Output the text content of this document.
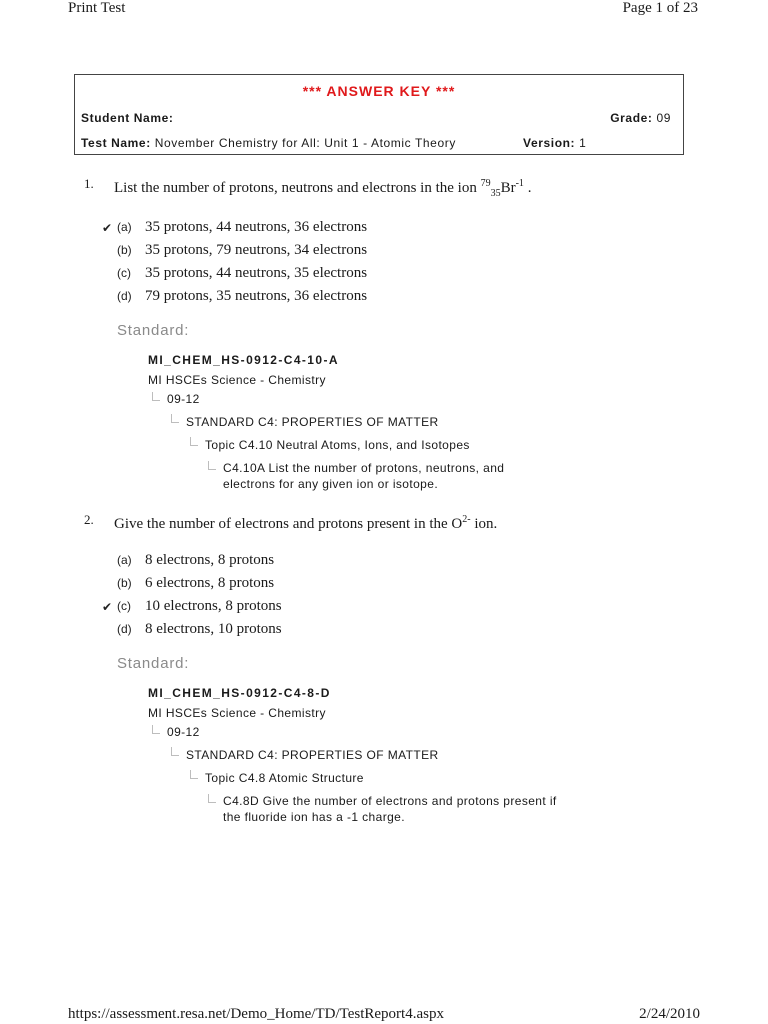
Print Test	Page 1 of 23
*** ANSWER KEY ***
Student Name:	Grade: 09
Test Name: November Chemistry for All: Unit 1 - Atomic Theory	Version: 1
1. List the number of protons, neutrons and electrons in the ion $^{79}_{35}Br^{-1}$ .
✔ (a) 35 protons, 44 neutrons, 36 electrons
(b) 35 protons, 79 neutrons, 34 electrons
(c) 35 protons, 44 neutrons, 35 electrons
(d) 79 protons, 35 neutrons, 36 electrons
Standard:
MI_CHEM_HS-0912-C4-10-A
MI HSCEs Science - Chemistry
09-12
STANDARD C4: PROPERTIES OF MATTER
Topic C4.10 Neutral Atoms, Ions, and Isotopes
C4.10A List the number of protons, neutrons, and
electrons for any given ion or isotope.
2. Give the number of electrons and protons present in the $O^{2-}$ ion.
(a) 8 electrons, 8 protons
(b) 6 electrons, 8 protons
✔ (c) 10 electrons, 8 protons
(d) 8 electrons, 10 protons
Standard:
MI_CHEM_HS-0912-C4-8-D
MI HSCEs Science - Chemistry
09-12
STANDARD C4: PROPERTIES OF MATTER
Topic C4.8 Atomic Structure
C4.8D Give the number of electrons and protons present if
the fluoride ion has a -1 charge.
https://assessment.resa.net/Demo_Home/TD/TestReport4.aspx	2/24/2010
